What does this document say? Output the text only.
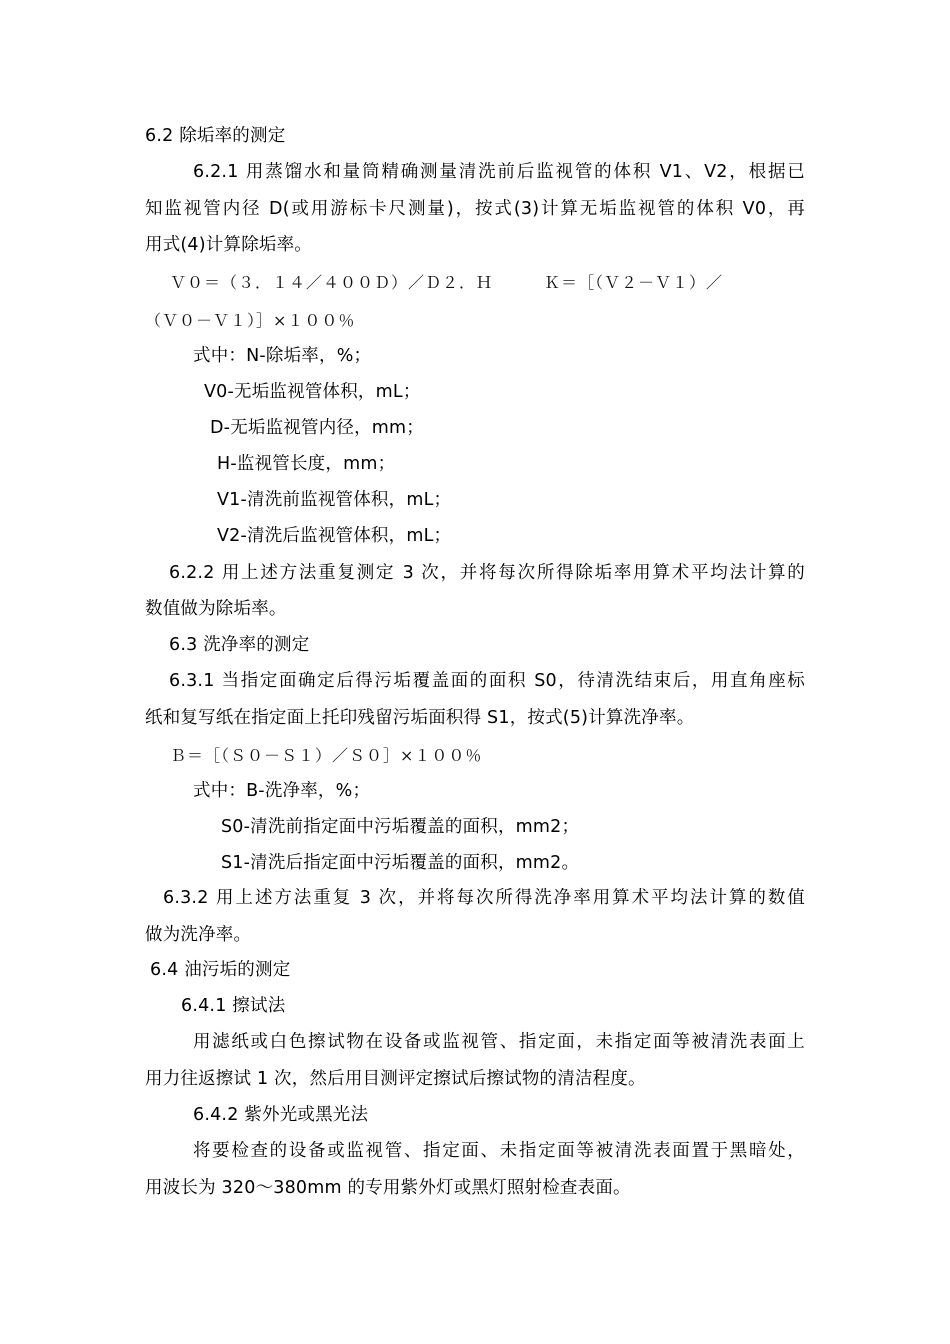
6.2 除垢率的测定
6.2.1 用蒸馏水和量筒精确测量清洗前后监视管的体积 V1、V2，根据已
知监视管内径 D(或用游标卡尺测量)，按式(3)计算无垢监视管的体积 V0，再
用式(4)计算除垢率。
Ｖ０＝（３．１４／４００Ｄ）／Ｄ２．Ｈ　　　Ｋ＝［（Ｖ２－Ｖ１）／
（Ｖ０－Ｖ１）］×１００％
式中：N-除垢率，%；
V0-无垢监视管体积，mL；
D-无垢监视管内径，mm；
H-监视管长度，mm；
V1-清洗前监视管体积，mL；
V2-清洗后监视管体积，mL；
6.2.2 用上述方法重复测定 3 次，并将每次所得除垢率用算术平均法计算的
数值做为除垢率。
6.3 洗净率的测定
6.3.1 当指定面确定后得污垢覆盖面的面积 S0，待清洗结束后，用直角座标
纸和复写纸在指定面上托印残留污垢面积得 S1，按式(5)计算洗净率。
Ｂ＝［（Ｓ０－Ｓ１）／Ｓ０］×１００％
式中：B-洗净率，%；
S0-清洗前指定面中污垢覆盖的面积，mm2；
S1-清洗后指定面中污垢覆盖的面积，mm2。
6.3.2 用上述方法重复 3 次，并将每次所得洗净率用算术平均法计算的数值
做为洗净率。
6.4 油污垢的测定
6.4.1 擦试法
用滤纸或白色擦试物在设备或监视管、指定面，未指定面等被清洗表面上
用力往返擦试 1 次，然后用目测评定擦试后擦试物的清洁程度。
6.4.2 紫外光或黑光法
将要检查的设备或监视管、指定面、未指定面等被清洗表面置于黑暗处，
用波长为 320～380mm 的专用紫外灯或黑灯照射检查表面。
